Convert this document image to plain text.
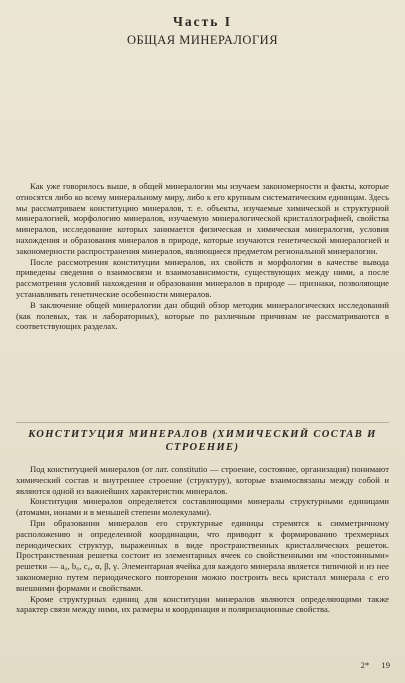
Часть I
ОБЩАЯ МИНЕРАЛОГИЯ

Как уже говорилось выше, в общей минералогии мы изучаем закономерности и факты, которые относятся либо ко всему минеральному миру, либо к его крупным систематическим единицам. Здесь мы рассматриваем конституцию минералов, т. е. объекты, изучаемые химической и структурной минералогией, морфологию минералов, изучаемую минералогической кристаллографией, свойства минералов, исследование которых занимается физическая и химическая минералогия, условия нахождения и образования минералов в природе, которые изучаются генетической минералогией и закономерности распространения минералов, являющиеся предметом региональной минералогии.

После рассмотрения конституции минералов, их свойств и морфологии в качестве вывода приведены сведения о взаимосвязи и взаимозависимости, существующих между ними, а после рассмотрения условий нахождения и образования минералов в природе — признаки, позволяющие устанавливать генетические особенности минералов.

В заключение общей минералогии дан общий обзор методик минералогических исследований (как полевых, так и лабораторных), которые по различным причинам не рассматриваются в соответствующих разделах.

КОНСТИТУЦИЯ МИНЕРАЛОВ (ХИМИЧЕСКИЙ СОСТАВ И СТРОЕНИЕ)

Под конституцией минералов (от лат. constitutio — строение, состояние, организация) понимают химический состав и внутреннее строение (структуру), которые взаимосвязаны между собой и являются одной из важнейших характеристик минералов.

Конституция минералов определяется составляющими минералы структурными единицами (атомами, ионами и в меньшей степени молекулами).

При образовании минералов его структурные единицы стремятся к симметричному расположению и определенной координации, что приводит к формированию трехмерных периодических структур, выраженных в виде пространственных кристаллических решеток. Пространственная решетка состоит из элементарных ячеек со свойственными им «постоянными» решетки — a₀, b₀, c₀, α, β, γ. Элементарная ячейка для каждого минерала является типичной и из нее закономерно путем периодического повторения можно построить весь кристалл минерала с его внешними формами и свойствами.

Кроме структурных единиц для конституции минералов являются определяющими также характер связи между ними, их размеры и координация и поляризационные свойства.

2* 19
